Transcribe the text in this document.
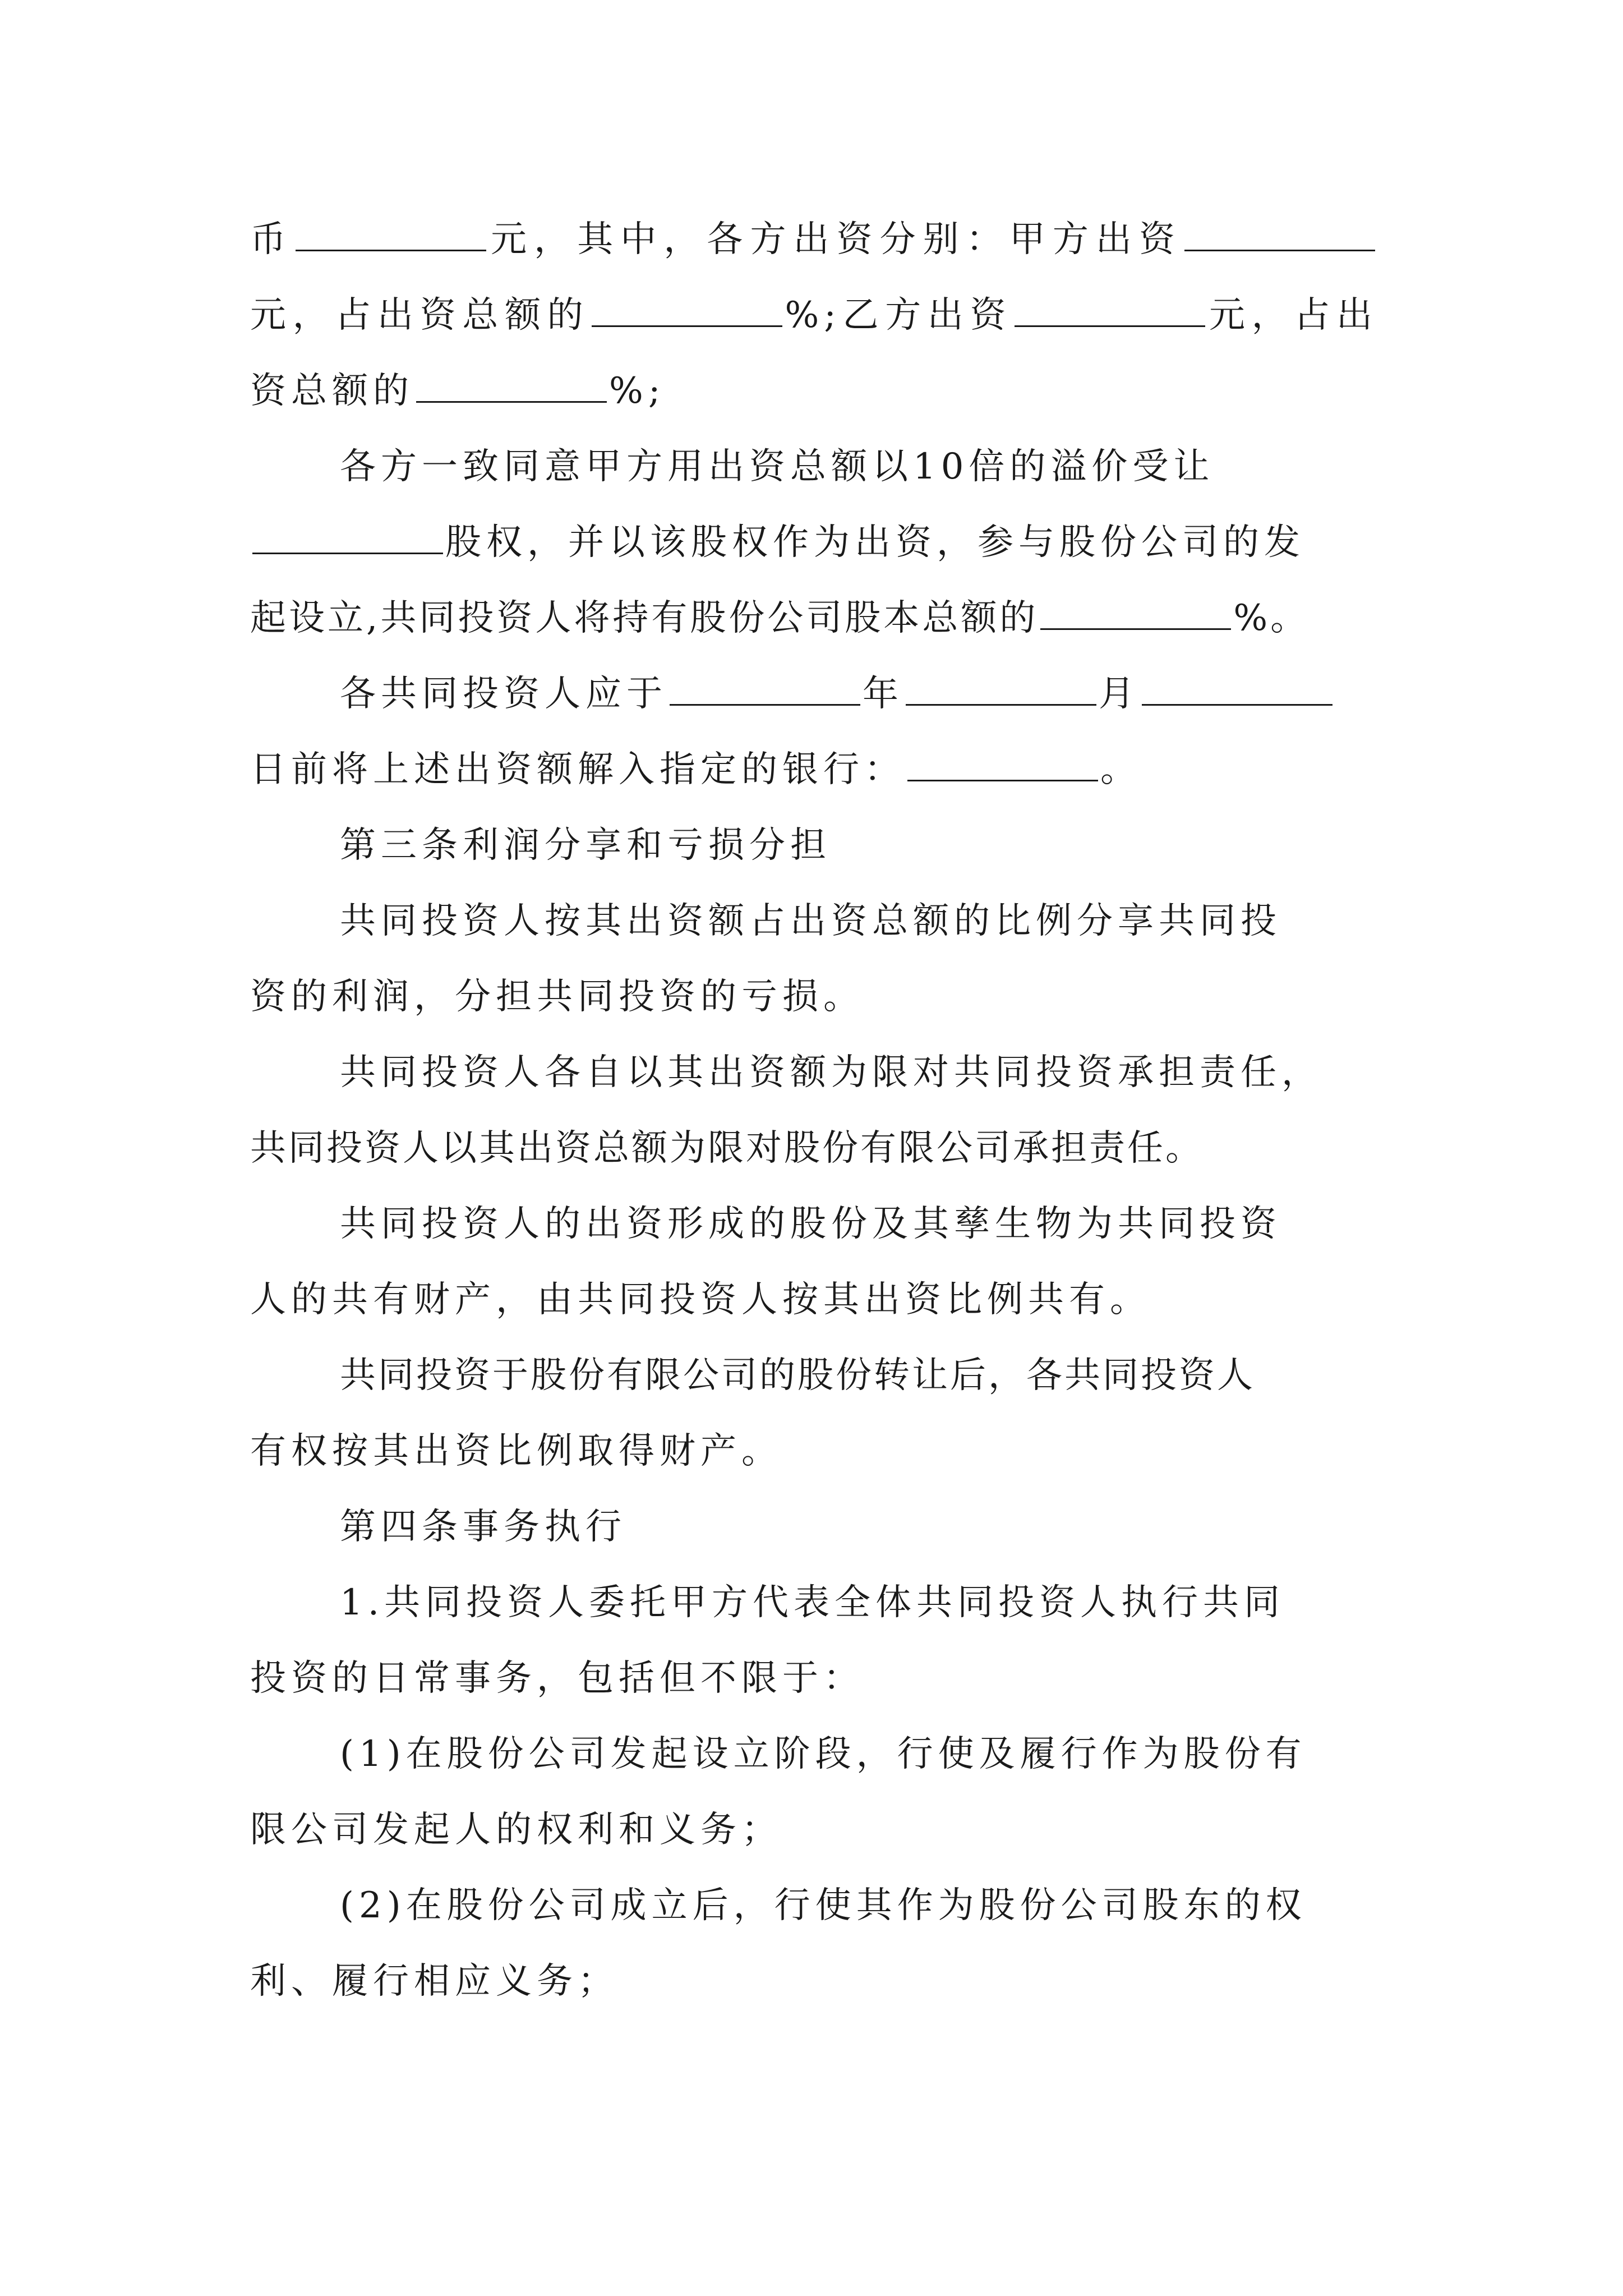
币	元，其中，各方出资分别：甲方出资
元，占出资总额的	%;乙方出资	元，占出
资总额的	%;
各方一致同意甲方用出资总额以10倍的溢价受让
股权，并以该股权作为出资，参与股份公司的发
起设立,共同投资人将持有股份公司股本总额的	%。
各共同投资人应于	年	月
日前将上述出资额解入指定的银行：	。
第三条利润分享和亏损分担
共同投资人按其出资额占出资总额的比例分享共同投
资的利润，分担共同投资的亏损。
共同投资人各自以其出资额为限对共同投资承担责任，
共同投资人以其出资总额为限对股份有限公司承担责任。
共同投资人的出资形成的股份及其孳生物为共同投资
人的共有财产，由共同投资人按其出资比例共有。
共同投资于股份有限公司的股份转让后，各共同投资人
有权按其出资比例取得财产。
第四条事务执行
1.共同投资人委托甲方代表全体共同投资人执行共同
投资的日常事务，包括但不限于：
(1)在股份公司发起设立阶段，行使及履行作为股份有
限公司发起人的权利和义务；
(2)在股份公司成立后，行使其作为股份公司股东的权
利、履行相应义务；
